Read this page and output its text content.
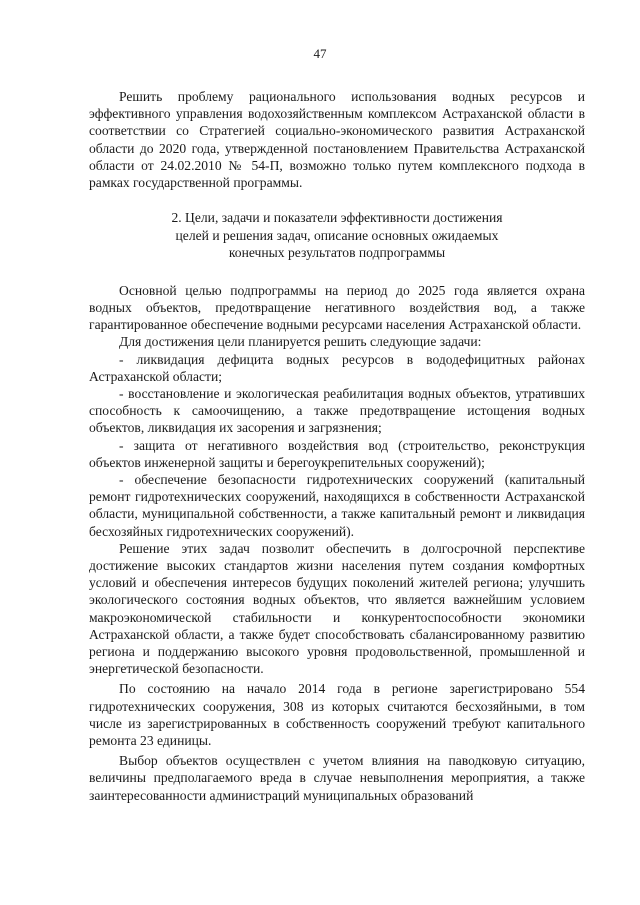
47

Решить проблему рационального использования водных ресурсов и эффективного управления водохозяйственным комплексом Астраханской области в соответствии со Стратегией социально-экономического развития Астраханской области до 2020 года, утвержденной постановлением Правительства Астраханской области от 24.02.2010 № 54-П, возможно только путем комплексного подхода в рамках государственной программы.

2. Цели, задачи и показатели эффективности достижения
целей и решения задач, описание основных ожидаемых
конечных результатов подпрограммы

Основной целью подпрограммы на период до 2025 года является охрана водных объектов, предотвращение негативного воздействия вод, а также гарантированное обеспечение водными ресурсами населения Астраханской области.

Для достижения цели планируется решить следующие задачи:

- ликвидация дефицита водных ресурсов в вододефицитных районах Астраханской области;

- восстановление и экологическая реабилитация водных объектов, утративших способность к самоочищению, а также предотвращение истощения водных объектов, ликвидация их засорения и загрязнения;

- защита от негативного воздействия вод (строительство, реконструкция объектов инженерной защиты и берегоукрепительных сооружений);

- обеспечение безопасности гидротехнических сооружений (капитальный ремонт гидротехнических сооружений, находящихся в собственности Астраханской области, муниципальной собственности, а также капитальный ремонт и ликвидация бесхозяйных гидротехнических сооружений).

Решение этих задач позволит обеспечить в долгосрочной перспективе достижение высоких стандартов жизни населения путем создания комфортных условий и обеспечения интересов будущих поколений жителей региона; улучшить экологического состояния водных объектов, что является важнейшим условием макроэкономической стабильности и конкурентоспособности экономики Астраханской области, а также будет способствовать сбалансированному развитию региона и поддержанию высокого уровня продовольственной, промышленной и энергетической безопасности.

По состоянию на начало 2014 года в регионе зарегистрировано 554 гидротехнических сооружения, 308 из которых считаются бесхозяйными, в том числе из зарегистрированных в собственность сооружений требуют капитального ремонта 23 единицы.

Выбор объектов осуществлен с учетом влияния на паводковую ситуацию, величины предполагаемого вреда в случае невыполнения мероприятия, а также заинтересованности администраций муниципальных образований
